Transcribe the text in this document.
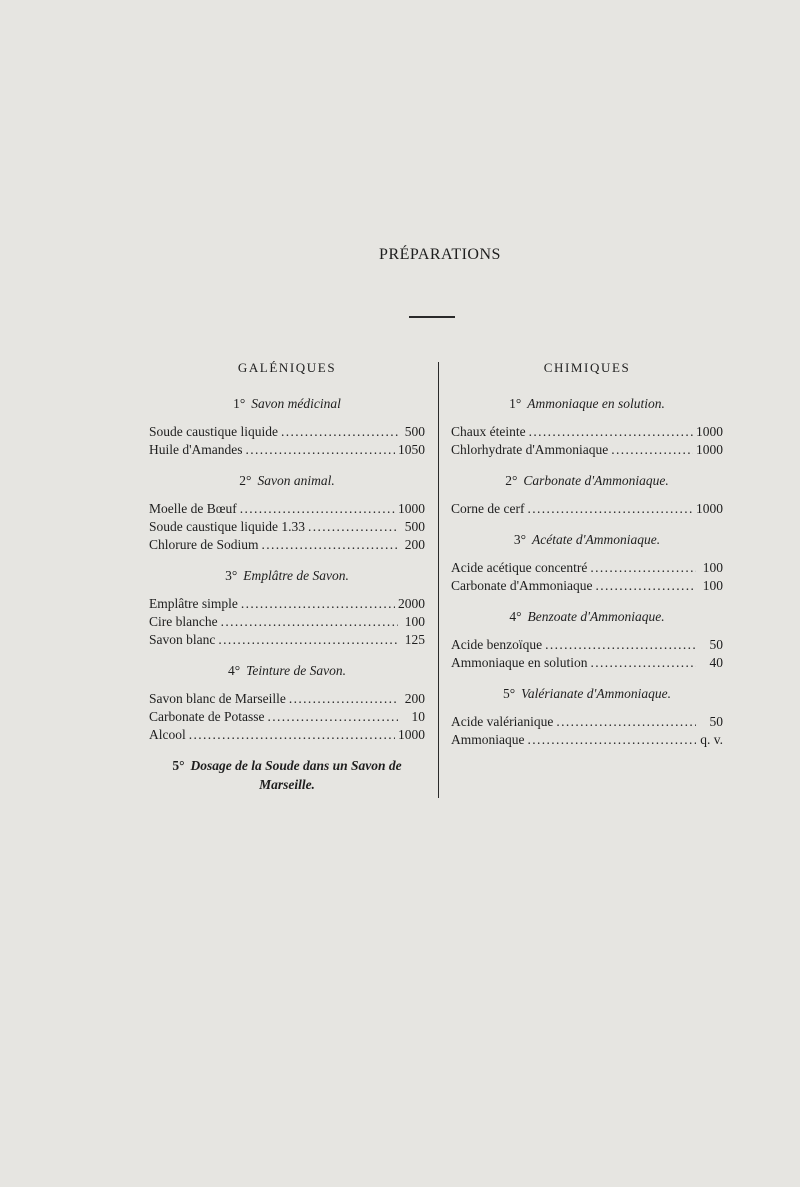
PRÉPARATIONS
GALÉNIQUES
1° Savon médicinal
Soude caustique liquide . . .	500
Huile d'Amandes . . .	1050
2° Savon animal.
Moelle de Bœuf . . .	1000
Soude caustique liquide 1.33 . . .	500
Chlorure de Sodium . . .	200
3° Emplâtre de Savon.
Emplâtre simple . . .	2000
Cire blanche . . .	100
Savon blanc . . .	125
4° Teinture de Savon.
Savon blanc de Marseille . . .	200
Carbonate de Potasse . . .	10
Alcool . . .	1000
5° Dosage de la Soude dans un Savon de Marseille.
CHIMIQUES
1° Ammoniaque en solution.
Chaux éteinte . . .	1000
Chlorhydrate d'Ammoniaque . . .	1000
2° Carbonate d'Ammoniaque.
Corne de cerf . . .	1000
3° Acétate d'Ammoniaque.
Acide acétique concentré . . .	100
Carbonate d'Ammoniaque . . .	100
4° Benzoate d'Ammoniaque.
Acide benzoïque . . .	50
Ammoniaque en solution . . .	40
5° Valérianate d'Ammoniaque.
Acide valérianique . . .	50
Ammoniaque . . .	q. v.
